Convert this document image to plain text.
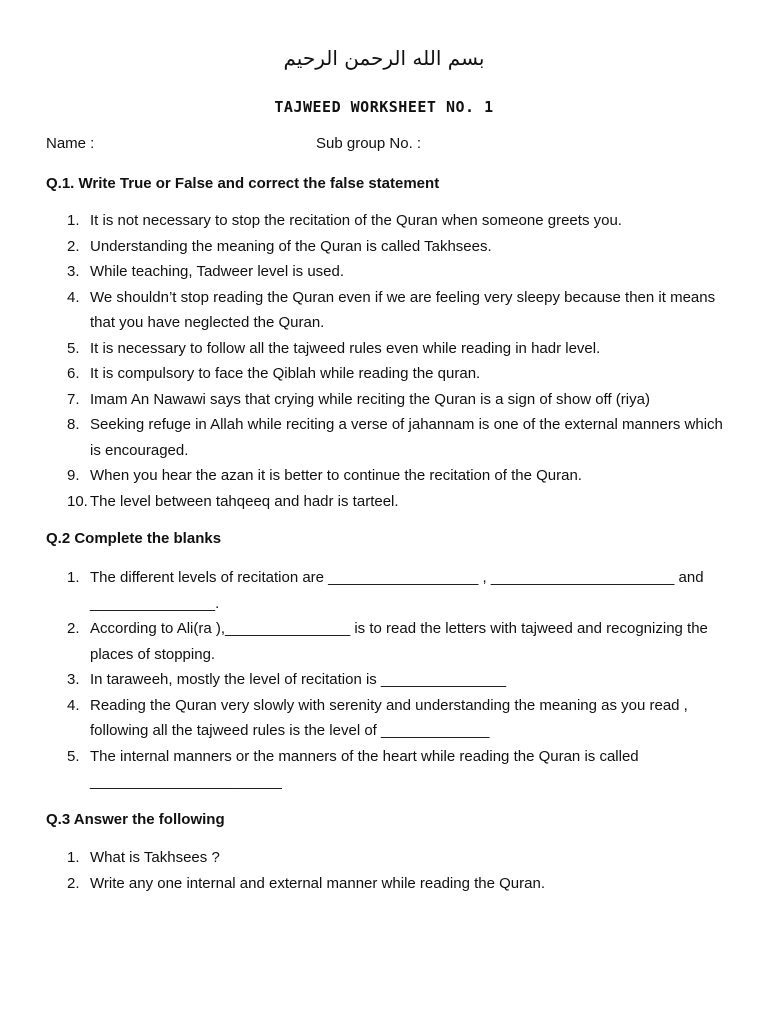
بسم الله الرحمن الرحيم
TAJWEED WORKSHEET NO. 1
Name :	Sub group No. :
Q.1. Write True or False and correct the false statement
1. It is not necessary to stop the recitation of the Quran when someone greets you.
2. Understanding the meaning of the Quran is called Takhsees.
3. While teaching, Tadweer level is used.
4. We shouldn’t stop reading the Quran even if we are feeling very sleepy because then it means that you have neglected the Quran.
5. It is necessary to follow all the tajweed rules even while reading in hadr level.
6. It is compulsory to face the Qiblah while reading the quran.
7. Imam An Nawawi says that crying while reciting the Quran is a sign of show off (riya)
8. Seeking refuge in Allah while reciting a verse of jahannam is one of the external manners which is encouraged.
9. When you hear the azan it is better to continue the recitation of the Quran.
10. The level between tahqeeq and hadr is tarteel.
Q.2 Complete the blanks
1. The different levels of recitation are __________________ , ______________________ and _______________.
2. According to Ali(ra ),_______________ is to read the letters with tajweed and recognizing the places of stopping.
3. In taraweeh, mostly the level of recitation is _______________
4. Reading the Quran very slowly with serenity and understanding the meaning as you read , following all the tajweed rules is the level of _____________
5. The internal manners or the manners of the heart while reading the Quran is called _______________________
Q.3 Answer the following
1. What is Takhsees ?
2. Write any one internal and external manner while reading the Quran.
